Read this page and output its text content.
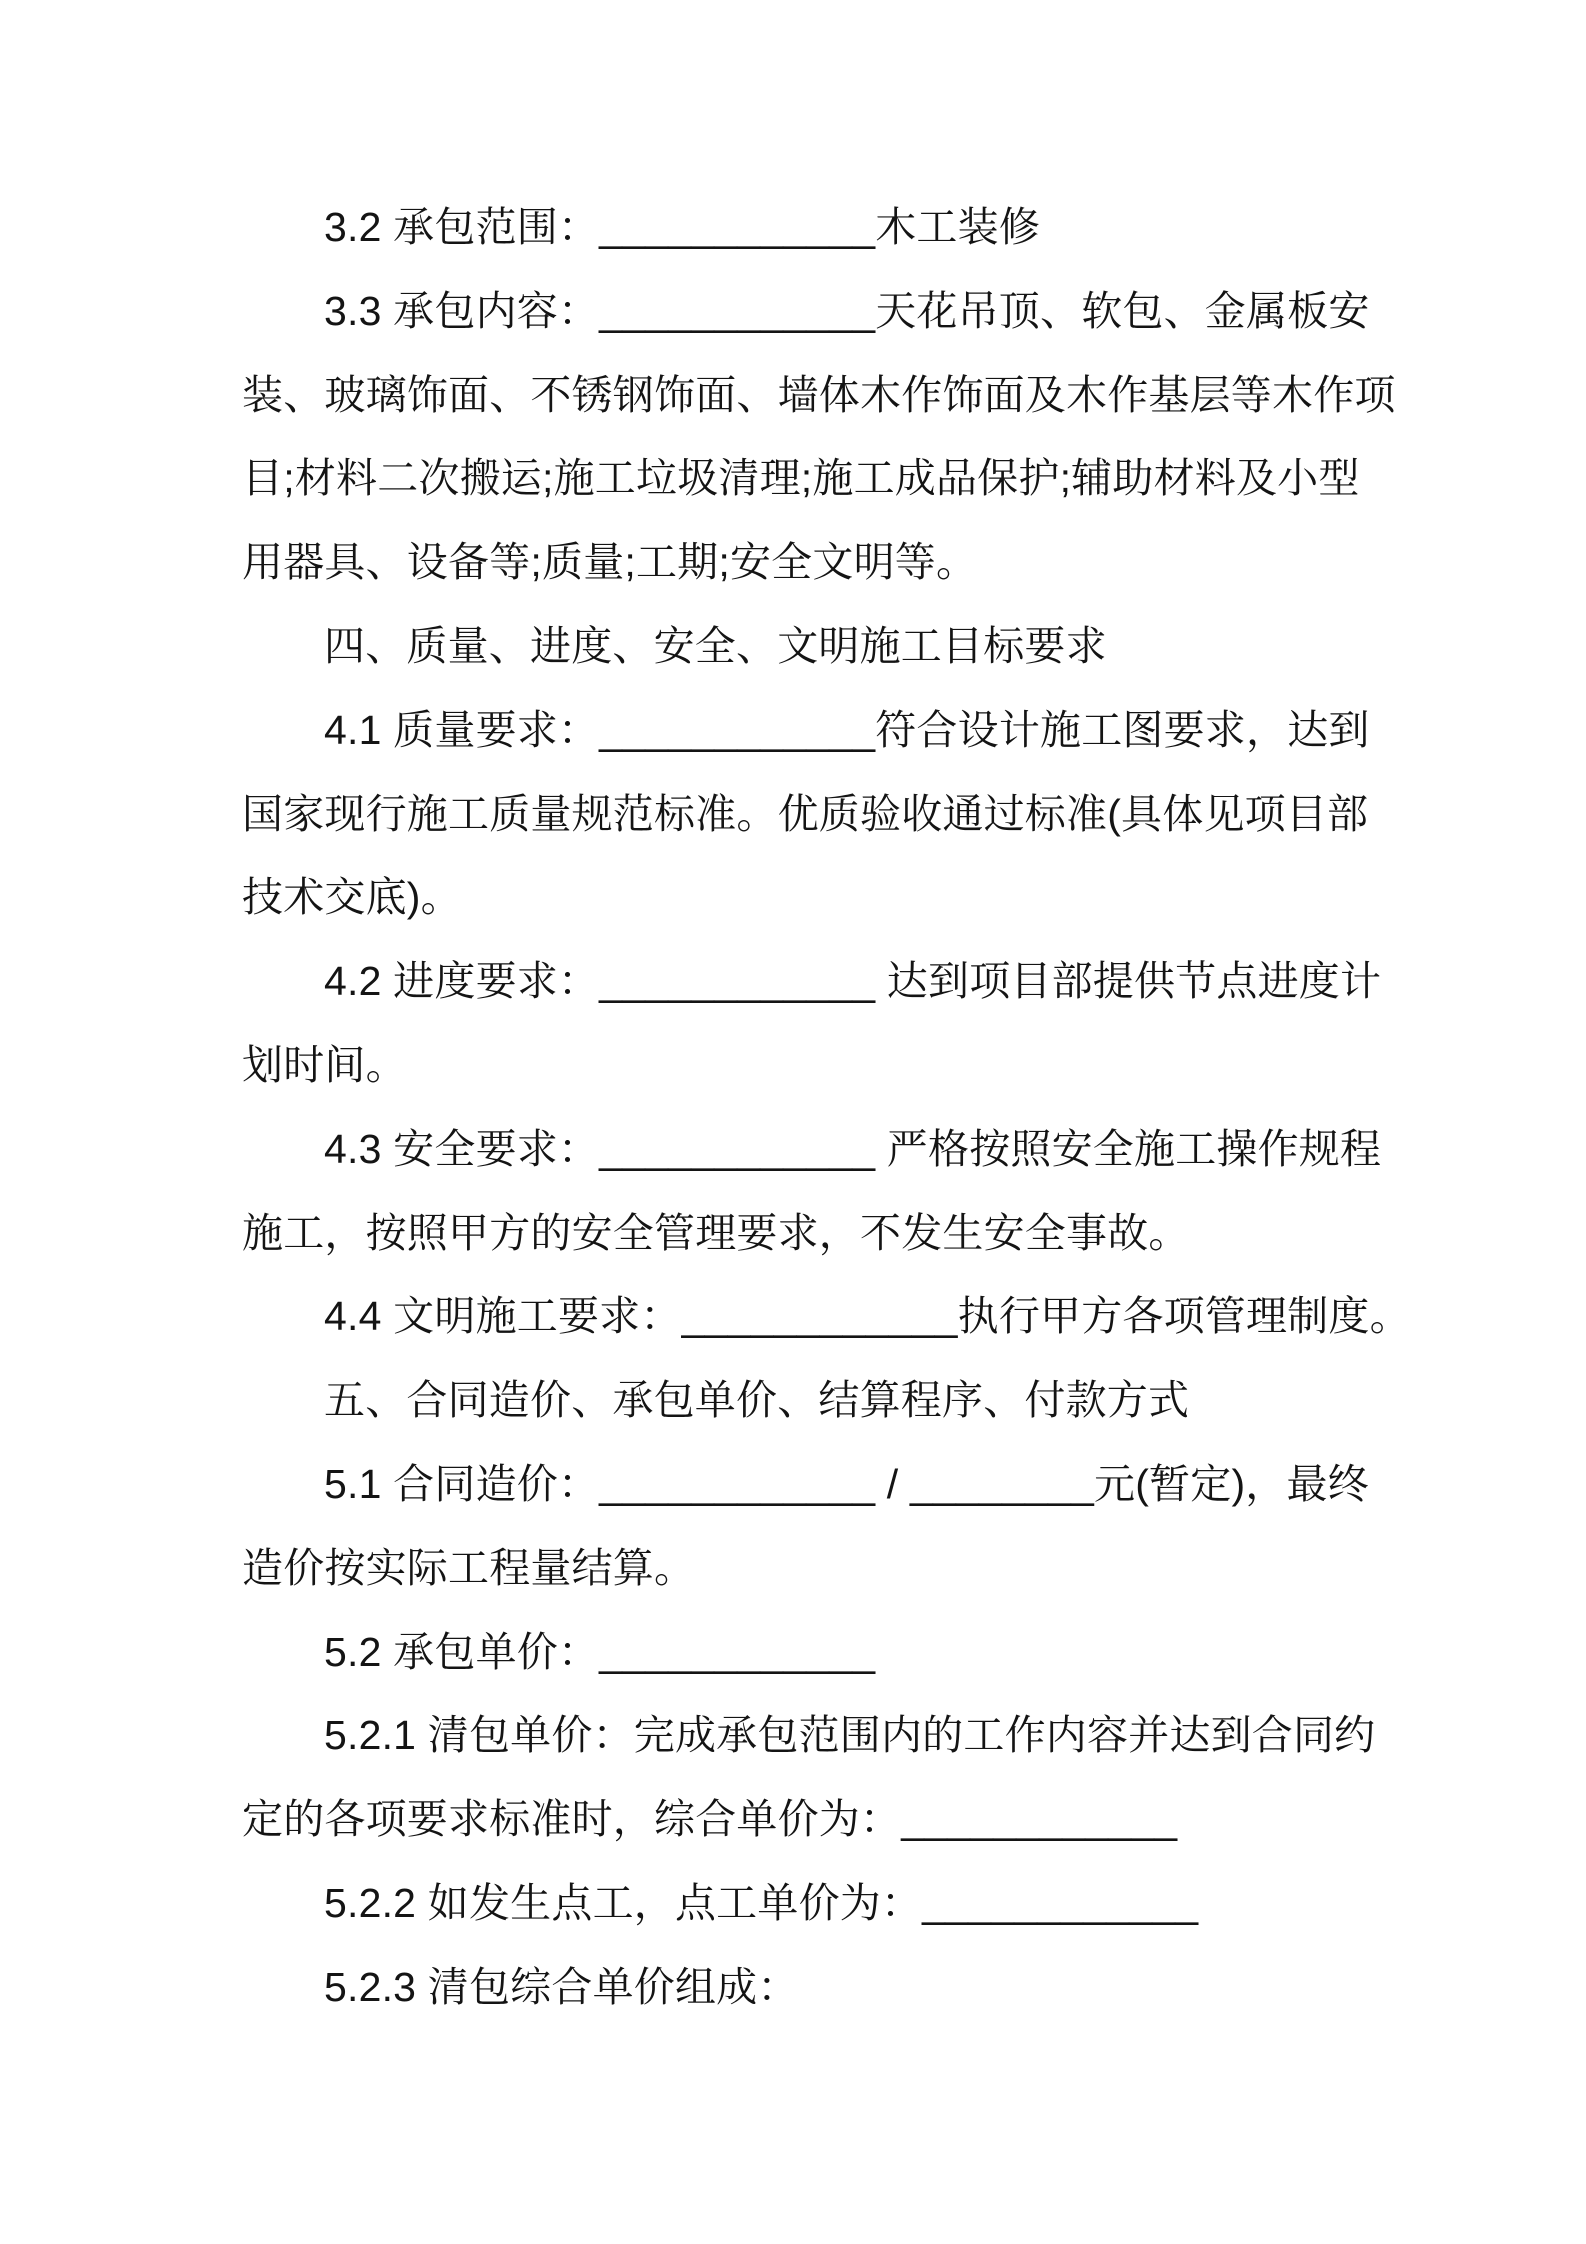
3.2 承包范围：____________木工装修
3.3 承包内容：____________天花吊顶、软包、金属板安
装、玻璃饰面、不锈钢饰面、墙体木作饰面及木作基层等木作项
目;材料二次搬运;施工垃圾清理;施工成品保护;辅助材料及小型
用器具、设备等;质量;工期;安全文明等。
四、质量、进度、安全、文明施工目标要求
4.1 质量要求：____________符合设计施工图要求，达到
国家现行施工质量规范标准。优质验收通过标准(具体见项目部
技术交底)。
4.2 进度要求：____________ 达到项目部提供节点进度计
划时间。
4.3 安全要求：____________ 严格按照安全施工操作规程
施工，按照甲方的安全管理要求，不发生安全事故。
4.4 文明施工要求：____________执行甲方各项管理制度。
五、合同造价、承包单价、结算程序、付款方式
5.1 合同造价：____________ / ________元(暂定)，最终
造价按实际工程量结算。
5.2 承包单价：____________
5.2.1 清包单价：完成承包范围内的工作内容并达到合同约
定的各项要求标准时，综合单价为：____________
5.2.2 如发生点工，点工单价为：____________
5.2.3 清包综合单价组成：
